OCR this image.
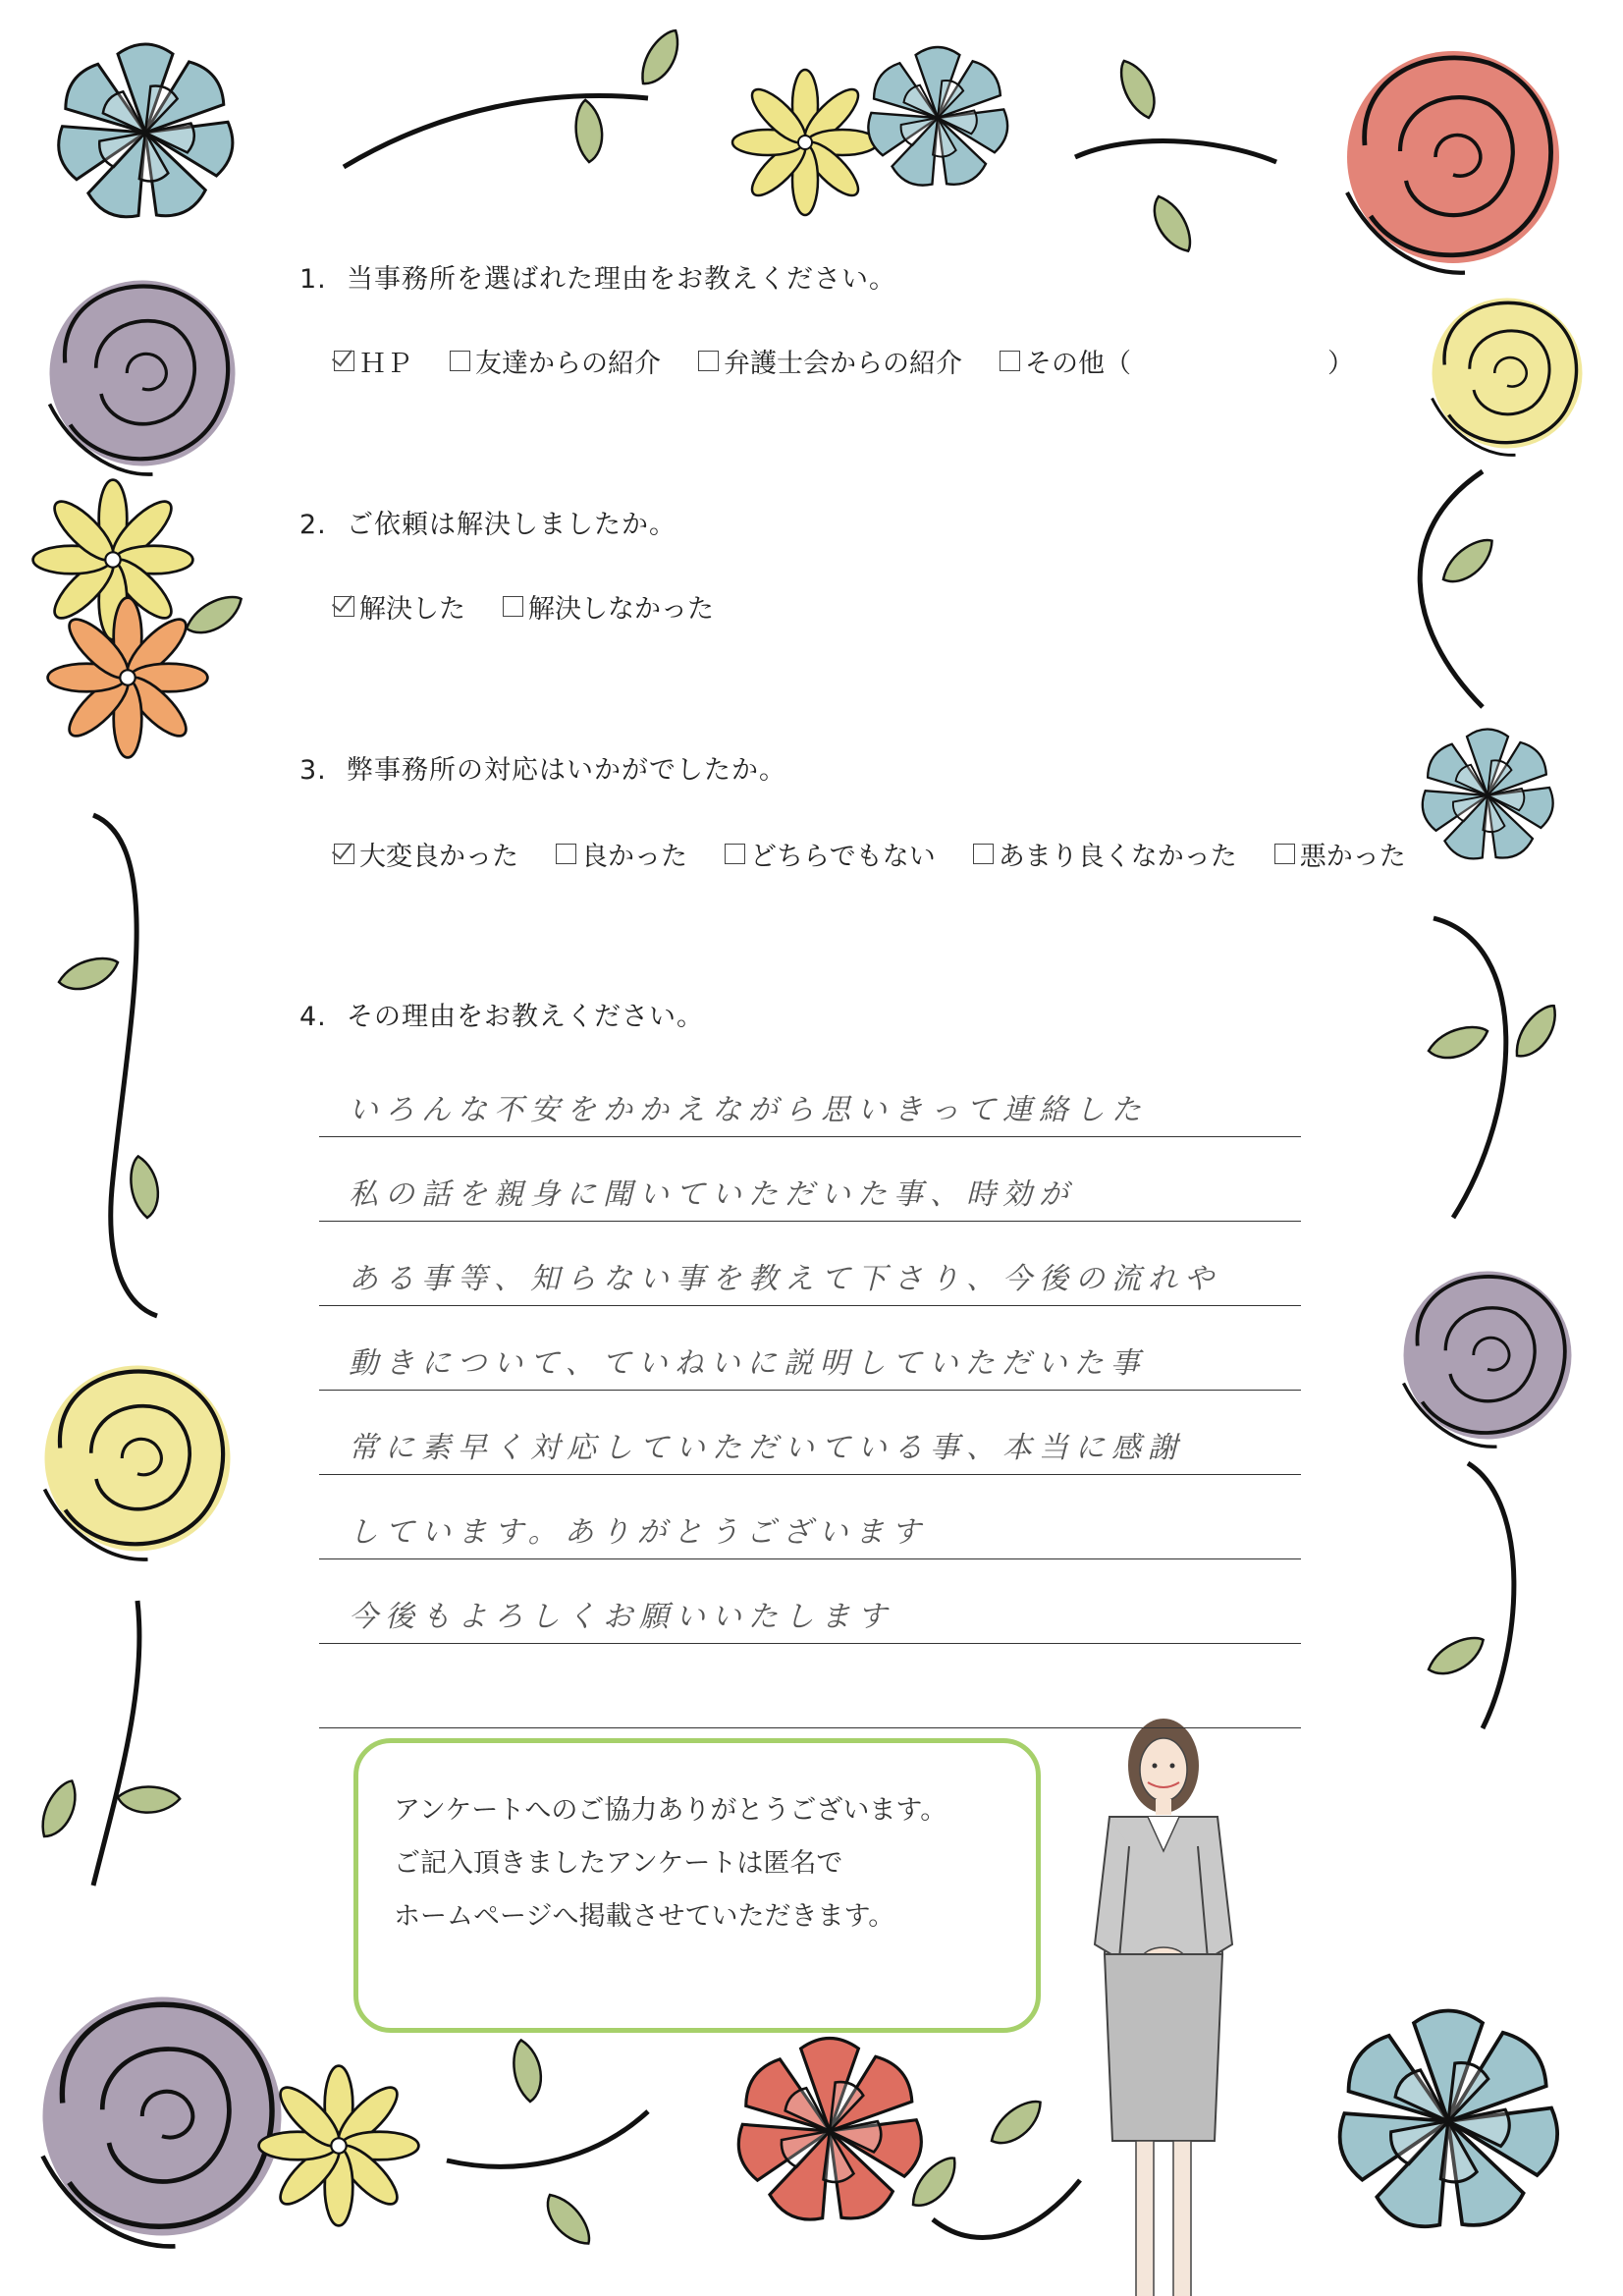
1. 当事務所を選ばれた理由をお教えください。
ＨＰ 友達からの紹介 弁護士会からの紹介 その他（	）
2. ご依頼は解決しましたか。
解決した 解決しなかった
3. 弊事務所の対応はいかがでしたか。
大変良かった 良かった どちらでもない あまり良くなかった 悪かった
4. その理由をお教えください。
いろんな不安をかかえながら思いきって連絡した
私の話を親身に聞いていただいた事、時効が
ある事等、知らない事を教えて下さり、今後の流れや
動きについて、ていねいに説明していただいた事
常に素早く対応していただいている事、本当に感謝
しています。ありがとうございます
今後もよろしくお願いいたします
アンケートへのご協力ありがとうございます。
ご記入頂きましたアンケートは匿名で
ホームページへ掲載させていただきます。
